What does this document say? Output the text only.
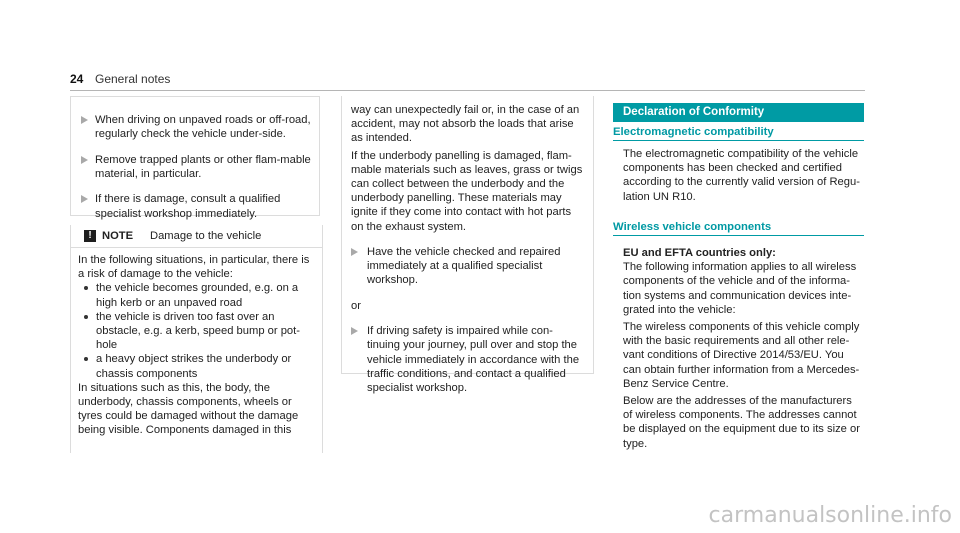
24 General notes

When driving on unpaved roads or off-road, regularly check the vehicle under-side.

Remove trapped plants or other flam-mable material, in particular.

If there is damage, consult a qualified specialist workshop immediately.

! NOTE Damage to the vehicle

In the following situations, in particular, there is a risk of damage to the vehicle:

the vehicle becomes grounded, e.g. on a high kerb or an unpaved road

the vehicle is driven too fast over an obstacle, e.g. a kerb, speed bump or pot-hole

a heavy object strikes the underbody or chassis components

In situations such as this, the body, the underbody, chassis components, wheels or tyres could be damaged without the damage being visible. Components damaged in this

way can unexpectedly fail or, in the case of an accident, may not absorb the loads that arise as intended.

If the underbody panelling is damaged, flam-mable materials such as leaves, grass or twigs can collect between the underbody and the underbody panelling. These materials may ignite if they come into contact with hot parts on the exhaust system.

Have the vehicle checked and repaired immediately at a qualified specialist workshop.

or

If driving safety is impaired while con-tinuing your journey, pull over and stop the vehicle immediately in accordance with the traffic conditions, and contact a qualified specialist workshop.

Declaration of Conformity
Electromagnetic compatibility

The electromagnetic compatibility of the vehicle components has been checked and certified according to the currently valid version of Regu-lation UN R10.

Wireless vehicle components

EU and EFTA countries only:

The following information applies to all wireless components of the vehicle and of the informa-tion systems and communication devices inte-grated into the vehicle:

The wireless components of this vehicle comply with the basic requirements and all other rele-vant conditions of Directive 2014/53/EU. You can obtain further information from a Mercedes-Benz Service Centre.

Below are the addresses of the manufacturers of wireless components. The addresses cannot be displayed on the equipment due to its size or type.

carmanualsonline.info
